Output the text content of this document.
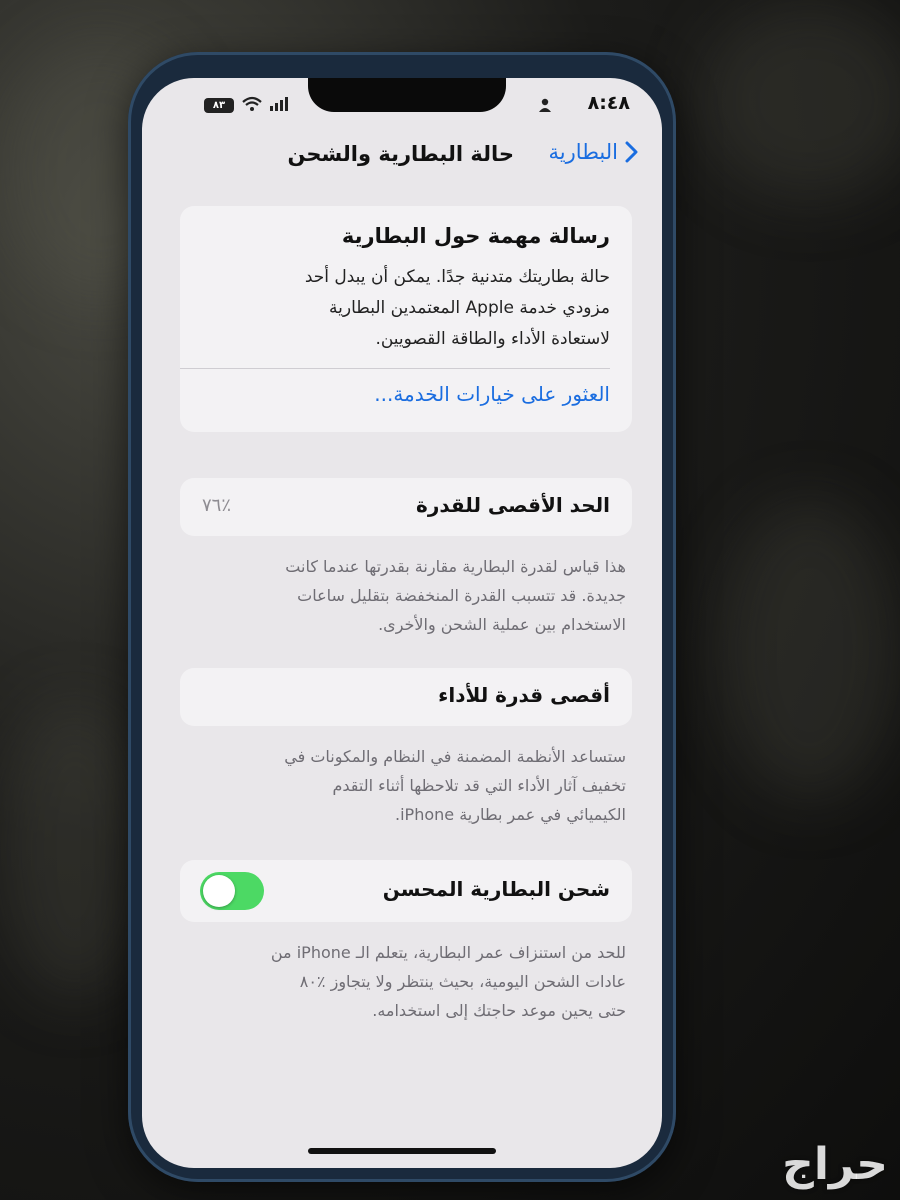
٨٣	٨:٤٨
البطارية
حالة البطارية والشحن
رسالة مهمة حول البطارية
حالة بطاريتك متدنية جدًا. يمكن أن يبدل أحد
مزودي خدمة Apple المعتمدين البطارية
لاستعادة الأداء والطاقة القصويين.
العثور على خيارات الخدمة...
الحد الأقصى للقدرة
٪٧٦
هذا قياس لقدرة البطارية مقارنة بقدرتها عندما كانت
جديدة. قد تتسبب القدرة المنخفضة بتقليل ساعات
الاستخدام بين عملية الشحن والأخرى.
أقصى قدرة للأداء
ستساعد الأنظمة المضمنة في النظام والمكونات في
تخفيف آثار الأداء التي قد تلاحظها أثناء التقدم
الكيميائي في عمر بطارية iPhone.
شحن البطارية المحسن
للحد من استنزاف عمر البطارية، يتعلم الـ iPhone من
عادات الشحن اليومية، بحيث ينتظر ولا يتجاوز ٪٨٠
حتى يحين موعد حاجتك إلى استخدامه.
حراج
